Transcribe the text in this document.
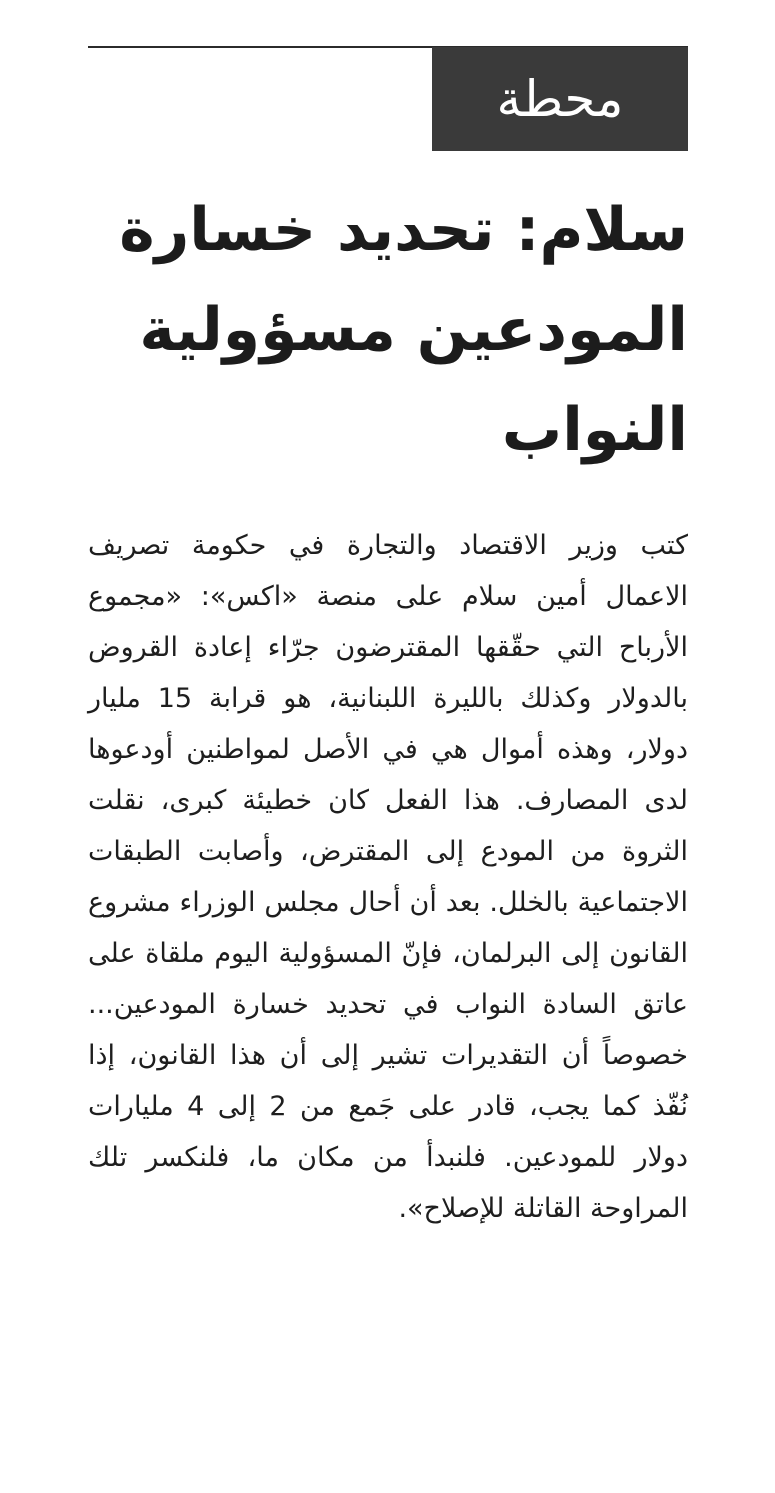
محطة
سلام: تحديد خسارة المودعين مسؤولية النواب

كتب وزير الاقتصاد والتجارة في حكومة تصريف الاعمال أمين سلام على منصة «اكس»: «مجموع الأرباح التي حقّقها المقترضون جرّاء إعادة القروض بالدولار وكذلك بالليرة اللبنانية، هو قرابة 15 مليار دولار، وهذه أموال هي في الأصل لمواطنين أودعوها لدى المصارف. هذا الفعل كان خطيئة كبرى، نقلت الثروة من المودع إلى المقترض، وأصابت الطبقات الاجتماعية بالخلل. بعد أن أحال مجلس الوزراء مشروع القانون إلى البرلمان، فإنّ المسؤولية اليوم ملقاة على عاتق السادة النواب في تحديد خسارة المودعين... خصوصاً أن التقديرات تشير إلى أن هذا القانون، إذا نُفّذ كما يجب، قادر على جَمع من 2 إلى 4 مليارات دولار للمودعين. فلنبدأ من مكان ما، فلنكسر تلك المراوحة القاتلة للإصلاح».
